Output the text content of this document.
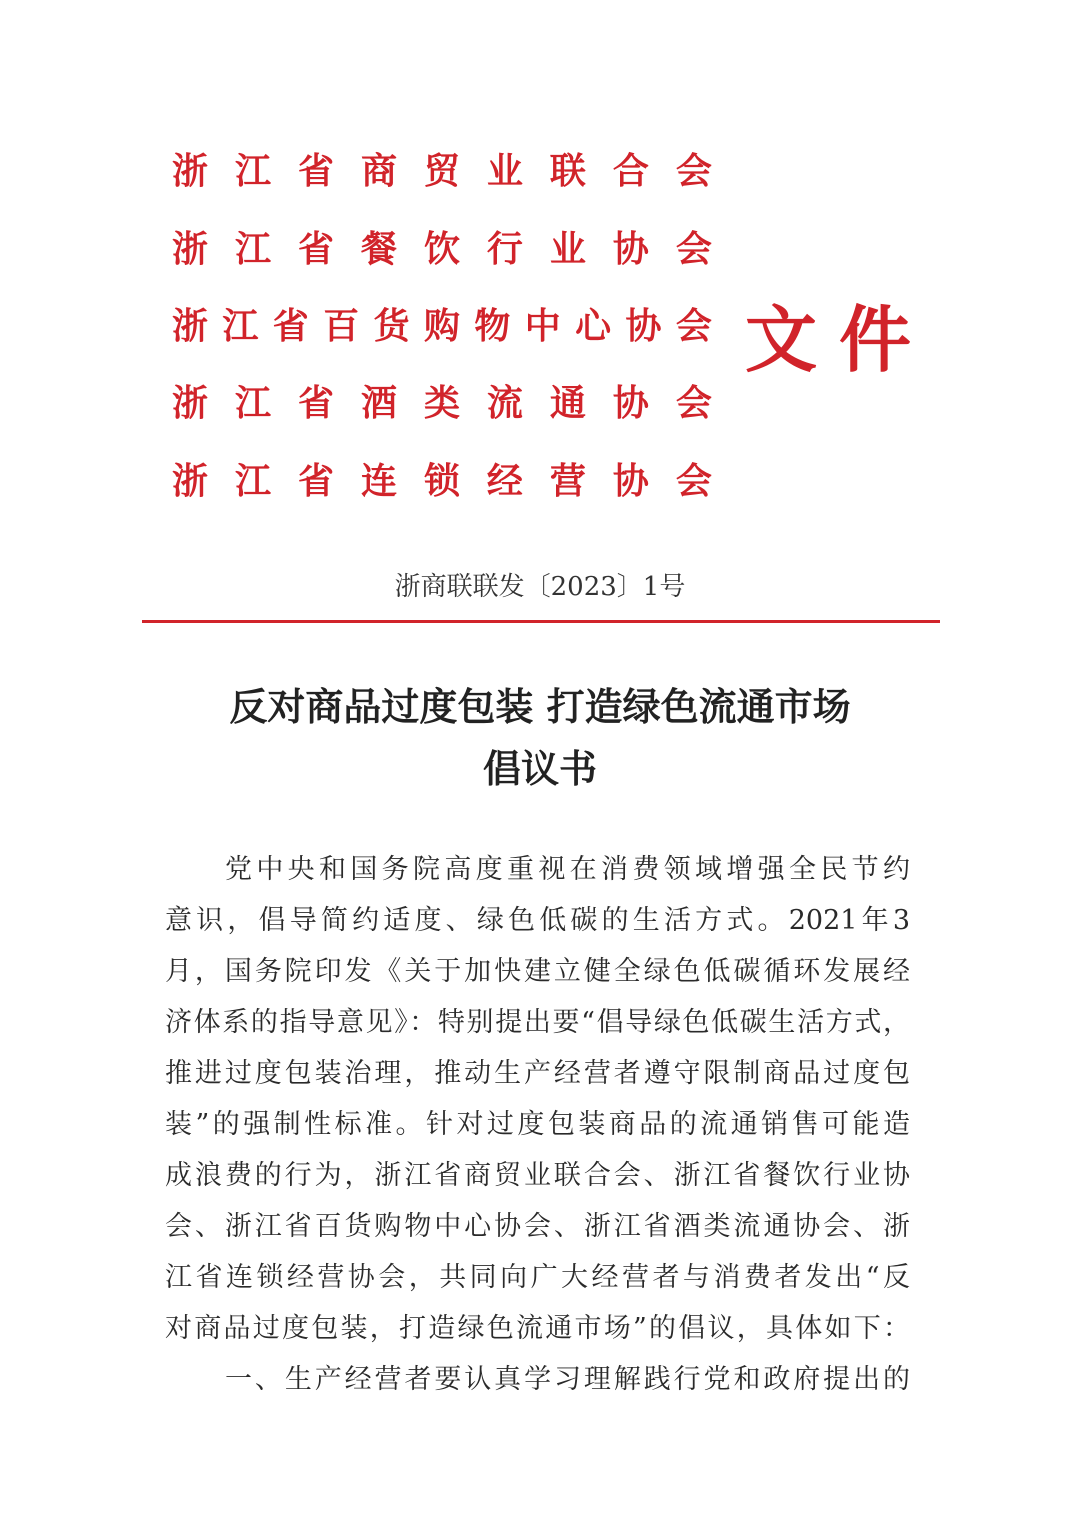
浙 江 省 商 贸 业 联 合 会
浙 江 省 餐 饮 行 业 协 会
浙 江 省 百 货 购 物 中 心 协 会
浙 江 省 酒 类 流 通 协 会
浙 江 省 连 锁 经 营 协 会
文件
浙商联联发〔2023〕1号
反对商品过度包装 打造绿色流通市场
倡议书
党中央和国务院高度重视在消费领域增强全民节约
意识，倡导简约适度、绿色低碳的生活方式。2021年3
月，国务院印发《关于加快建立健全绿色低碳循环发展经
济体系的指导意见》：特别提出要“倡导绿色低碳生活方式，
推进过度包装治理，推动生产经营者遵守限制商品过度包
装”的强制性标准。针对过度包装商品的流通销售可能造
成浪费的行为，浙江省商贸业联合会、浙江省餐饮行业协
会、浙江省百货购物中心协会、浙江省酒类流通协会、浙
江省连锁经营协会，共同向广大经营者与消费者发出“反
对商品过度包装，打造绿色流通市场”的倡议，具体如下：
一、生产经营者要认真学习理解践行党和政府提出的
